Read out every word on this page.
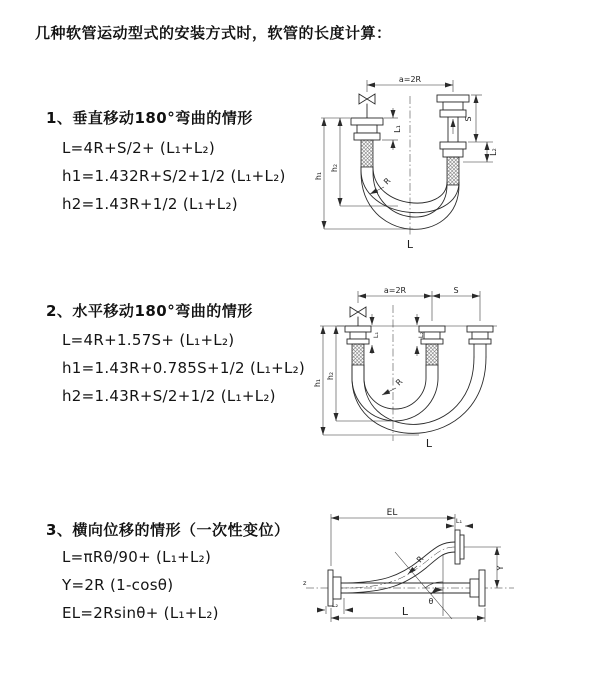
几种软管运动型式的安装方式时，软管的长度计算：
1、垂直移动180°弯曲的情形
L=4R+S/2+ (L₁+L₂)
h1=1.432R+S/2+1/2 (L₁+L₂)
h2=1.43R+1/2 (L₁+L₂)
2、水平移动180°弯曲的情形
L=4R+1.57S+ (L₁+L₂)
h1=1.43R+0.785S+1/2 (L₁+L₂)
h2=1.43R+S/2+1/2 (L₁+L₂)
3、横向位移的情形（一次性变位）
L=πRθ/90+ (L₁+L₂)
Y=2R (1-cosθ)
EL=2Rsinθ+ (L₁+L₂)
a=2R
L₁
S
L₂
h₁
h₂
R
L
a=2R	S
L₁	L₂
h₁
h₂
R
L
z
EL
L₁
Y
θ
R
L₂	L
